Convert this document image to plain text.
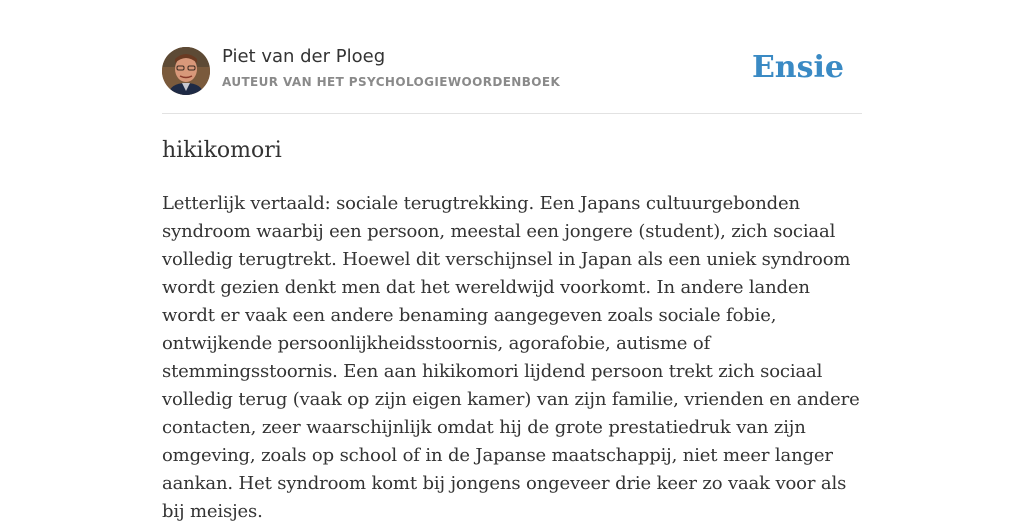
Piet van der Ploeg
AUTEUR VAN HET PSYCHOLOGIEWOORDENBOEK	Ensie
hikikomori

Letterlijk vertaald: sociale terugtrekking. Een Japans cultuurgebonden syndroom waarbij een persoon, meestal een jongere (student), zich sociaal volledig terugtrekt. Hoewel dit verschijnsel in Japan als een uniek syndroom wordt gezien denkt men dat het wereldwijd voorkomt. In andere landen wordt er vaak een andere benaming aangegeven zoals sociale fobie, ontwijkende persoonlijkheidsstoornis, agorafobie, autisme of stemmingsstoornis. Een aan hikikomori lijdend persoon trekt zich sociaal volledig terug (vaak op zijn eigen kamer) van zijn familie, vrienden en andere contacten, zeer waarschijnlijk omdat hij de grote prestatiedruk van zijn omgeving, zoals op school of in de Japanse maatschappij, niet meer langer aankan. Het syndroom komt bij jongens ongeveer drie keer zo vaak voor als bij meisjes.
